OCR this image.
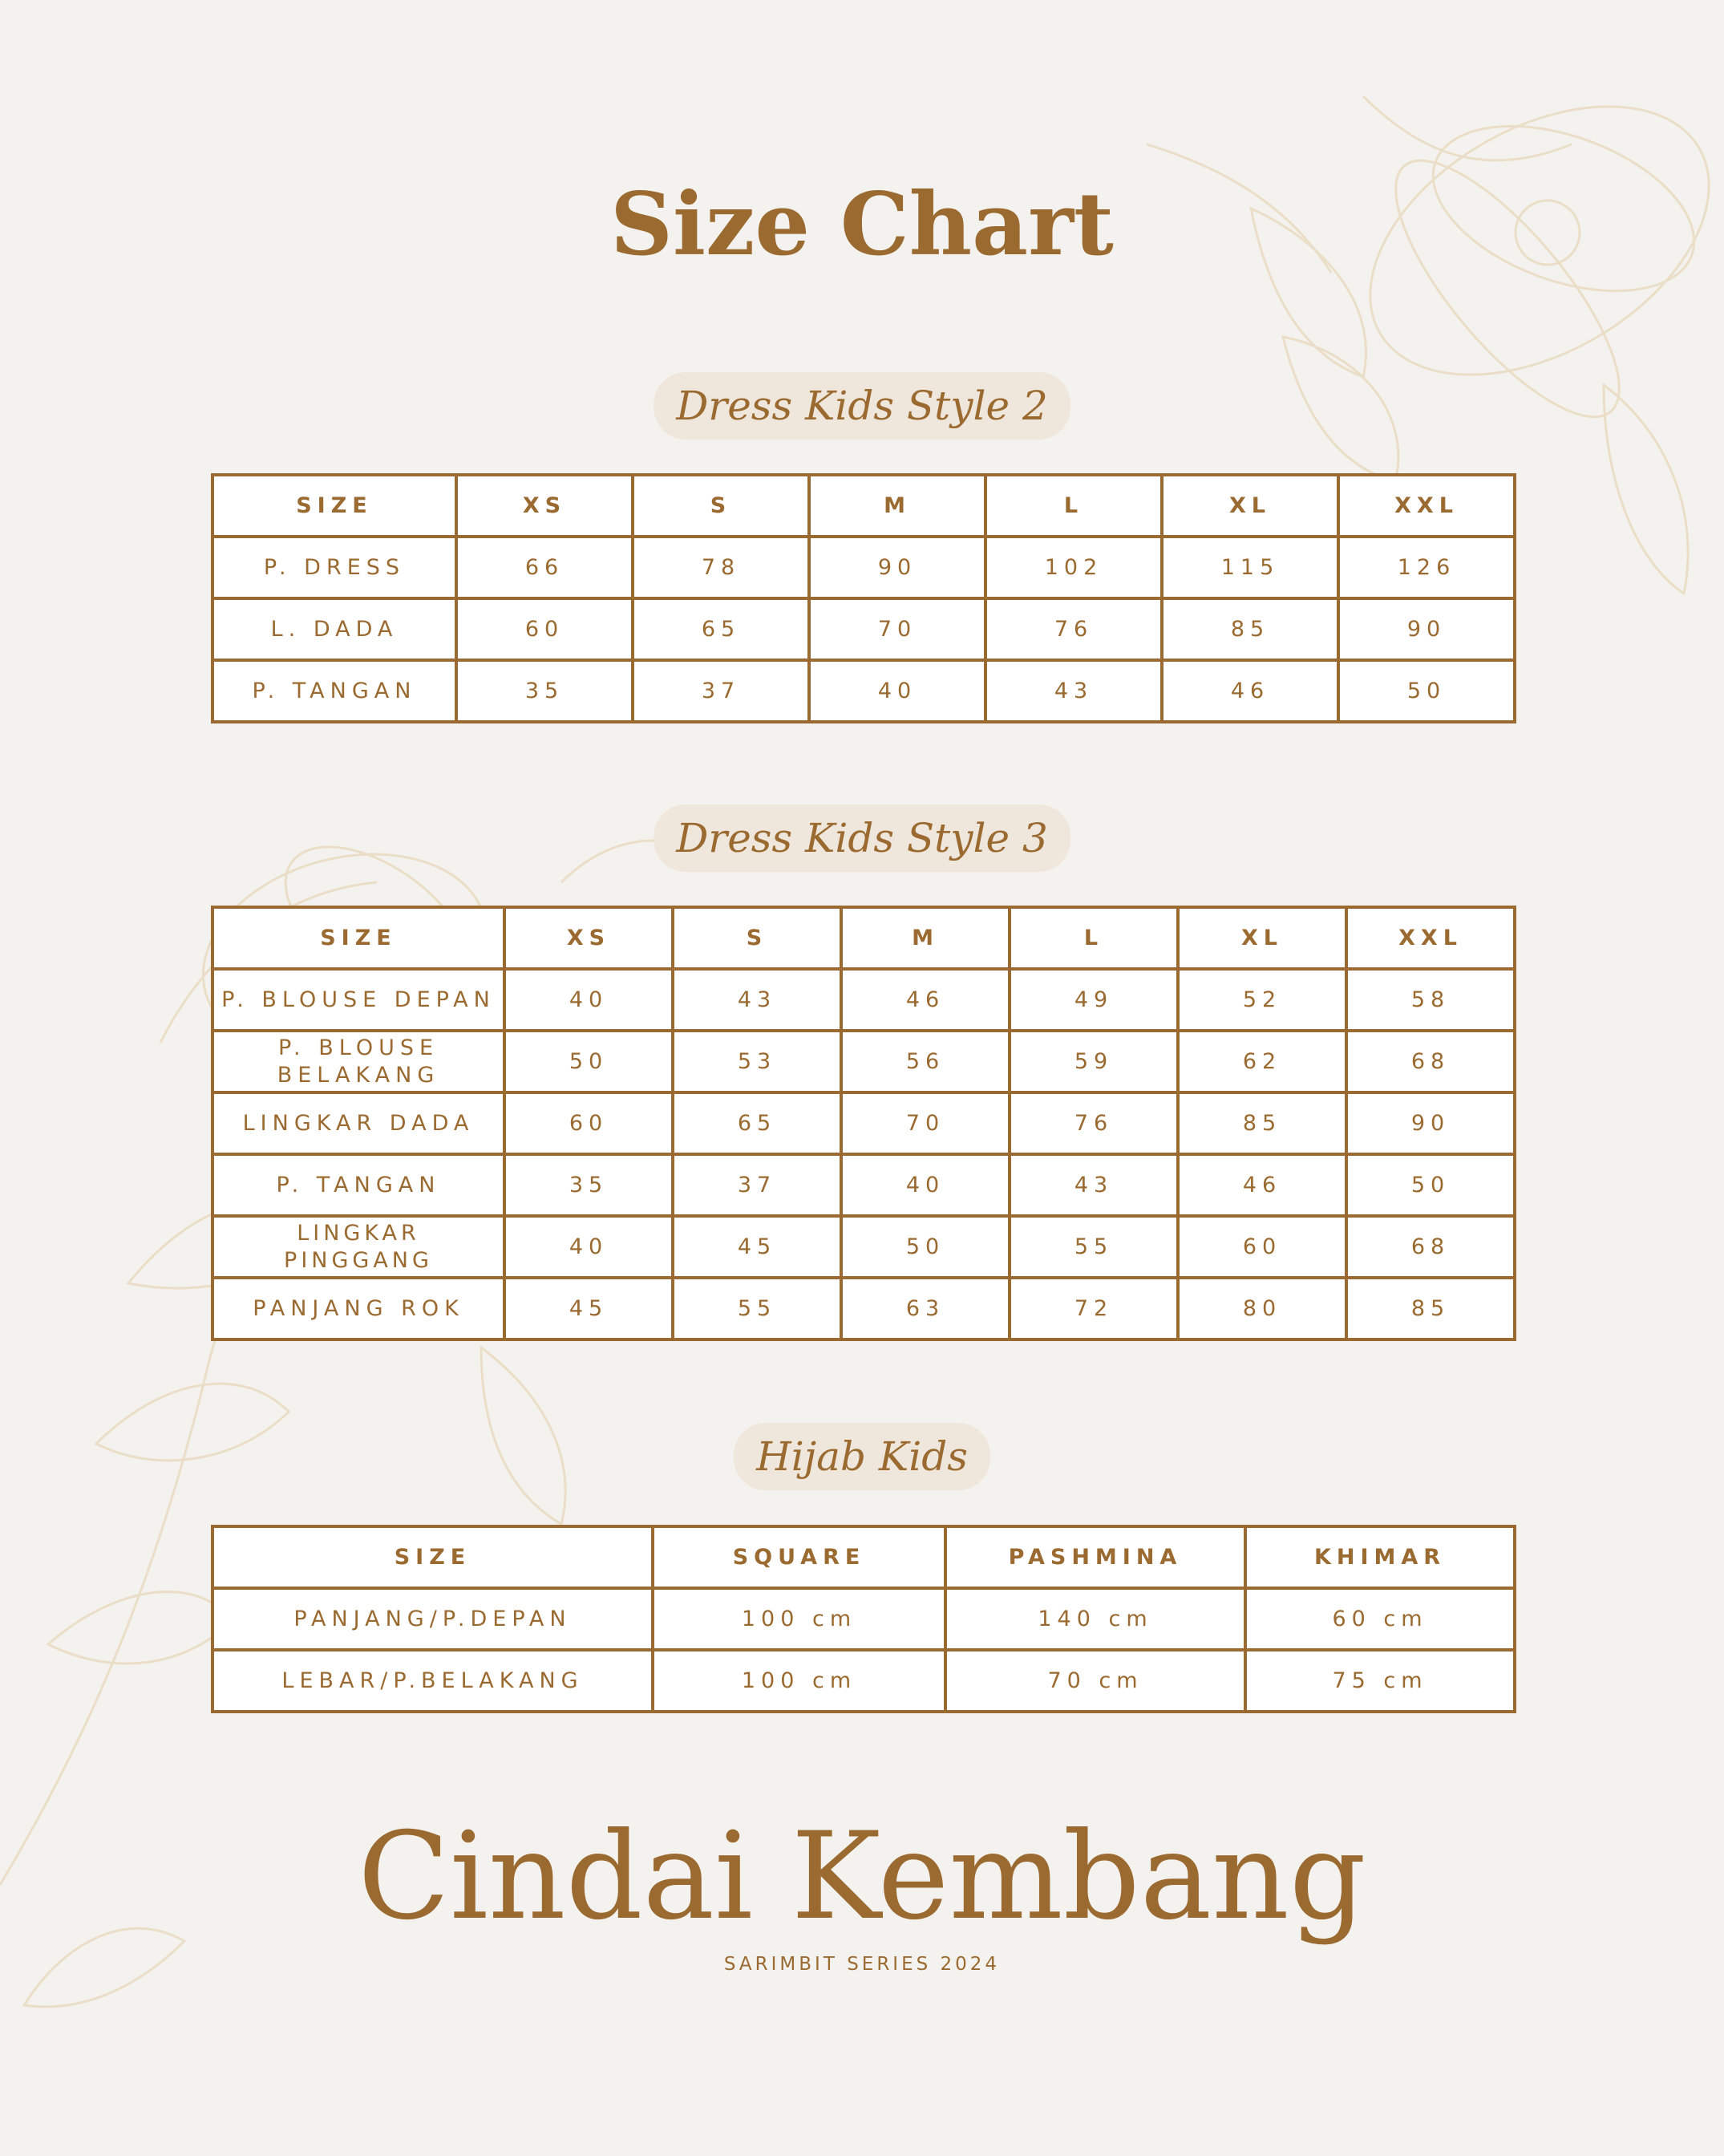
Size Chart
Dress Kids Style 2
SIZE	XS	S	M	L	XL	XXL
P. DRESS	66	78	90	102	115	126
L. DADA	60	65	70	76	85	90
P. TANGAN	35	37	40	43	46	50
Dress Kids Style 3
SIZE	XS	S	M	L	XL	XXL
P. BLOUSE DEPAN	40	43	46	49	52	58
P. BLOUSE BELAKANG	50	53	56	59	62	68
LINGKAR DADA	60	65	70	76	85	90
P. TANGAN	35	37	40	43	46	50
LINGKAR PINGGANG	40	45	50	55	60	68
PANJANG ROK	45	55	63	72	80	85
Hijab Kids
SIZE	SQUARE	PASHMINA	KHIMAR
PANJANG/P.DEPAN	100 cm	140 cm	60 cm
LEBAR/P.BELAKANG	100 cm	70 cm	75 cm
Cindai Kembang
SARIMBIT SERIES 2024
